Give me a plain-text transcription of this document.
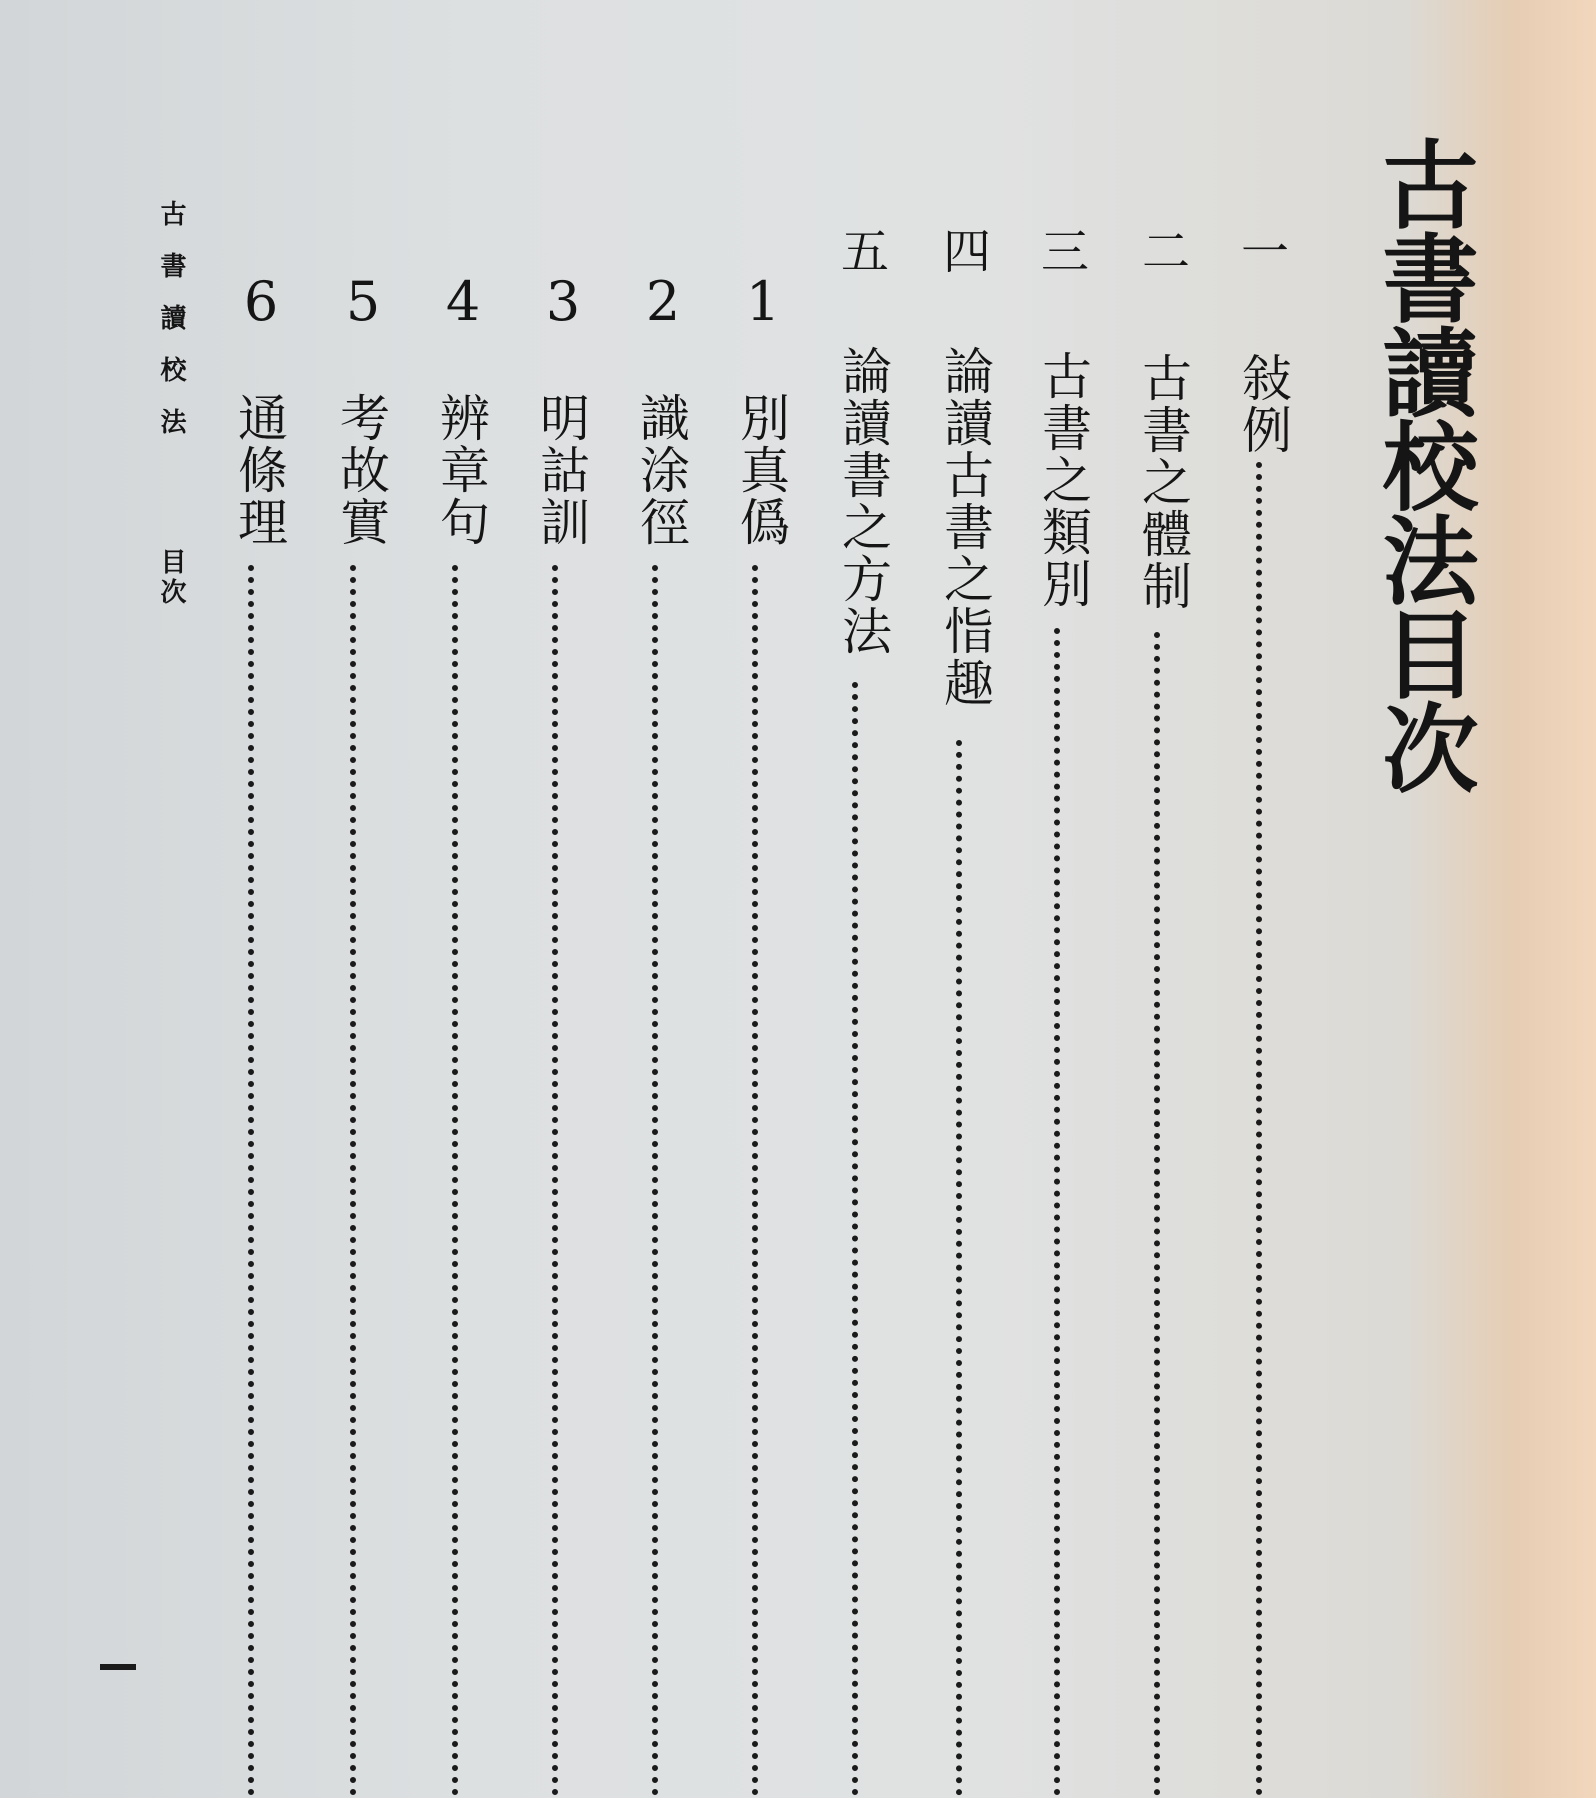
古書讀校法目次
一
敍例
二
古書之體制
三
古書之類別
四
論讀古書之恉趣
五
論讀書之方法
1
別真僞
2
識涂徑
3
明詁訓
4
辨章句
5
考故實
6
通條理
古書讀校法
目次
